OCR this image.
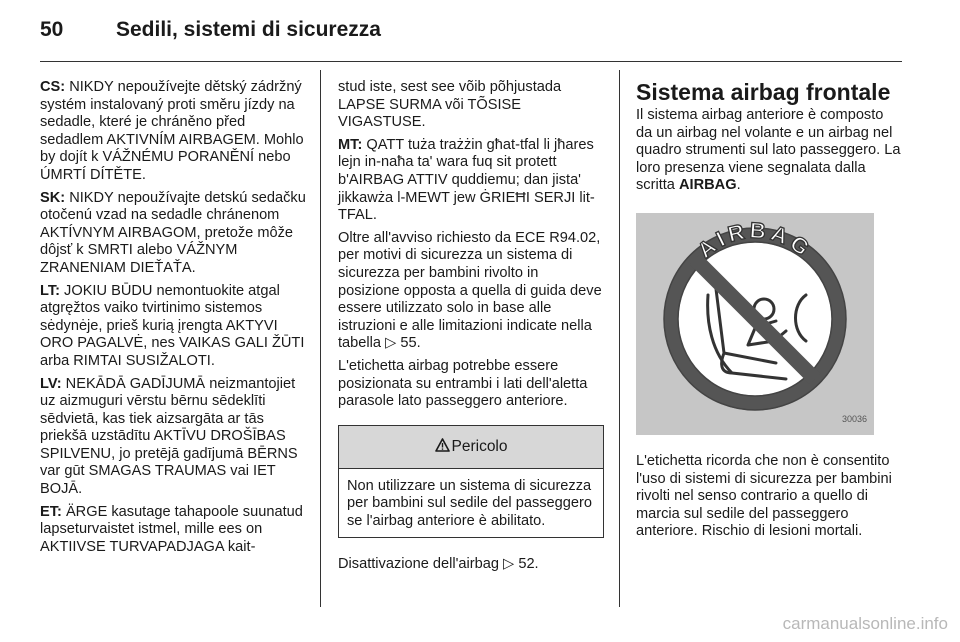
50	Sedili, sistemi di sicurezza

CS: NIKDY nepoužívejte dětský zádržný systém instalovaný proti směru jízdy na sedadle, které je chráněno před sedadlem AKTIVNÍM AIRBAGEM. Mohlo by dojít k VÁŽNÉMU PORANĚNÍ nebo ÚMRTÍ DÍTĚTE.

SK: NIKDY nepoužívajte detskú sedačku otočenú vzad na sedadle chránenom AKTÍVNYM AIRBAGOM, pretože môže dôjsť k SMRTI alebo VÁŽNYM ZRANENIAM DIEŤAŤA.

LT: JOKIU BŪDU nemontuokite atgal atgręžtos vaiko tvirtinimo sistemos sėdynėje, prieš kurią įrengta AKTYVI ORO PAGALVĖ, nes VAIKAS GALI ŽŪTI arba RIMTAI SUSIŽALOTI.

LV: NEKĀDĀ GADĪJUMĀ neizmantojiet uz aizmuguri vērstu bērnu sēdeklīti sēdvietā, kas tiek aizsargāta ar tās priekšā uzstādītu AKTĪVU DROŠĪBAS SPILVENU, jo pretējā gadījumā BĒRNS var gūt SMAGAS TRAUMAS vai IET BOJĀ.

ET: ÄRGE kasutage tahapoole suunatud lapseturvaistet istmel, mille ees on AKTIIVSE TURVAPADJAGA kait-

stud iste, sest see võib põhjustada LAPSE SURMA või TÕSISE VIGASTUSE.

MT: QATT tuża trażżin għat-tfal li jħares lejn in-naħa ta' wara fuq sit protett b'AIRBAG ATTIV quddiemu; dan jista' jikkawża l-MEWT jew ĠRIEĦI SERJI lit-TFAL.

Oltre all'avviso richiesto da ECE R94.02, per motivi di sicurezza un sistema di sicurezza per bambini rivolto in posizione opposta a quella di guida deve essere utilizzato solo in base alle istruzioni e alle limitazioni indicate nella tabella ▷ 55.

L'etichetta airbag potrebbe essere posizionata su entrambi i lati dell'aletta parasole lato passeggero anteriore.

Pericolo
Non utilizzare un sistema di sicurezza per bambini sul sedile del passeggero se l'airbag anteriore è abilitato.

Disattivazione dell'airbag ▷ 52.

Sistema airbag frontale

Il sistema airbag anteriore è composto da un airbag nel volante e un airbag nel quadro strumenti sul lato passeggero. La loro presenza viene segnalata dalla scritta AIRBAG.

AIRBAG
30036

L'etichetta ricorda che non è consentito l'uso di sistemi di sicurezza per bambini rivolti nel senso contrario a quello di marcia sul sedile del passeggero anteriore. Rischio di lesioni mortali.

carmanualsonline.info
